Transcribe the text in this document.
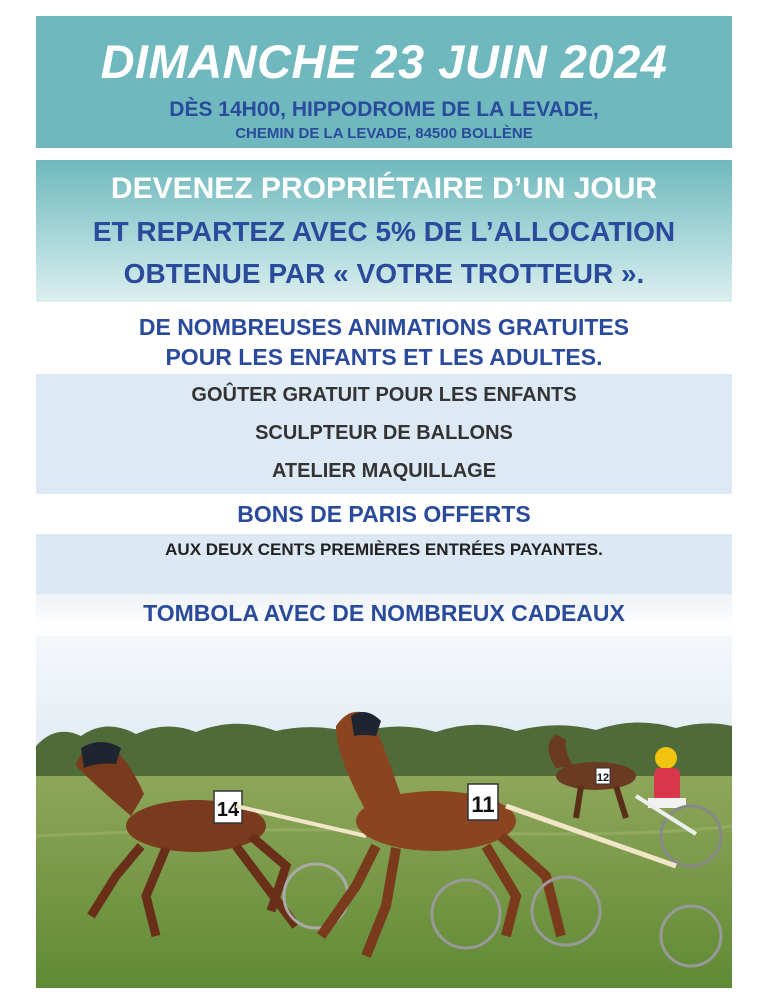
DIMANCHE 23 JUIN 2024
DÈS 14H00, HIPPODROME DE LA LEVADE,
CHEMIN DE LA LEVADE, 84500 BOLLÈNE
DEVENEZ PROPRIÉTAIRE D’UN JOUR
ET REPARTEZ AVEC 5% DE L’ALLOCATION
OBTENUE PAR « VOTRE TROTTEUR ».
DE NOMBREUSES ANIMATIONS GRATUITES
POUR LES ENFANTS ET LES ADULTES.
GOÛTER GRATUIT POUR LES ENFANTS
SCULPTEUR DE BALLONS
ATELIER MAQUILLAGE
BONS DE PARIS OFFERTS
AUX DEUX CENTS PREMIÈRES ENTRÉES PAYANTES.
TOMBOLA AVEC DE NOMBREUX CADEAUX
12
14	11
